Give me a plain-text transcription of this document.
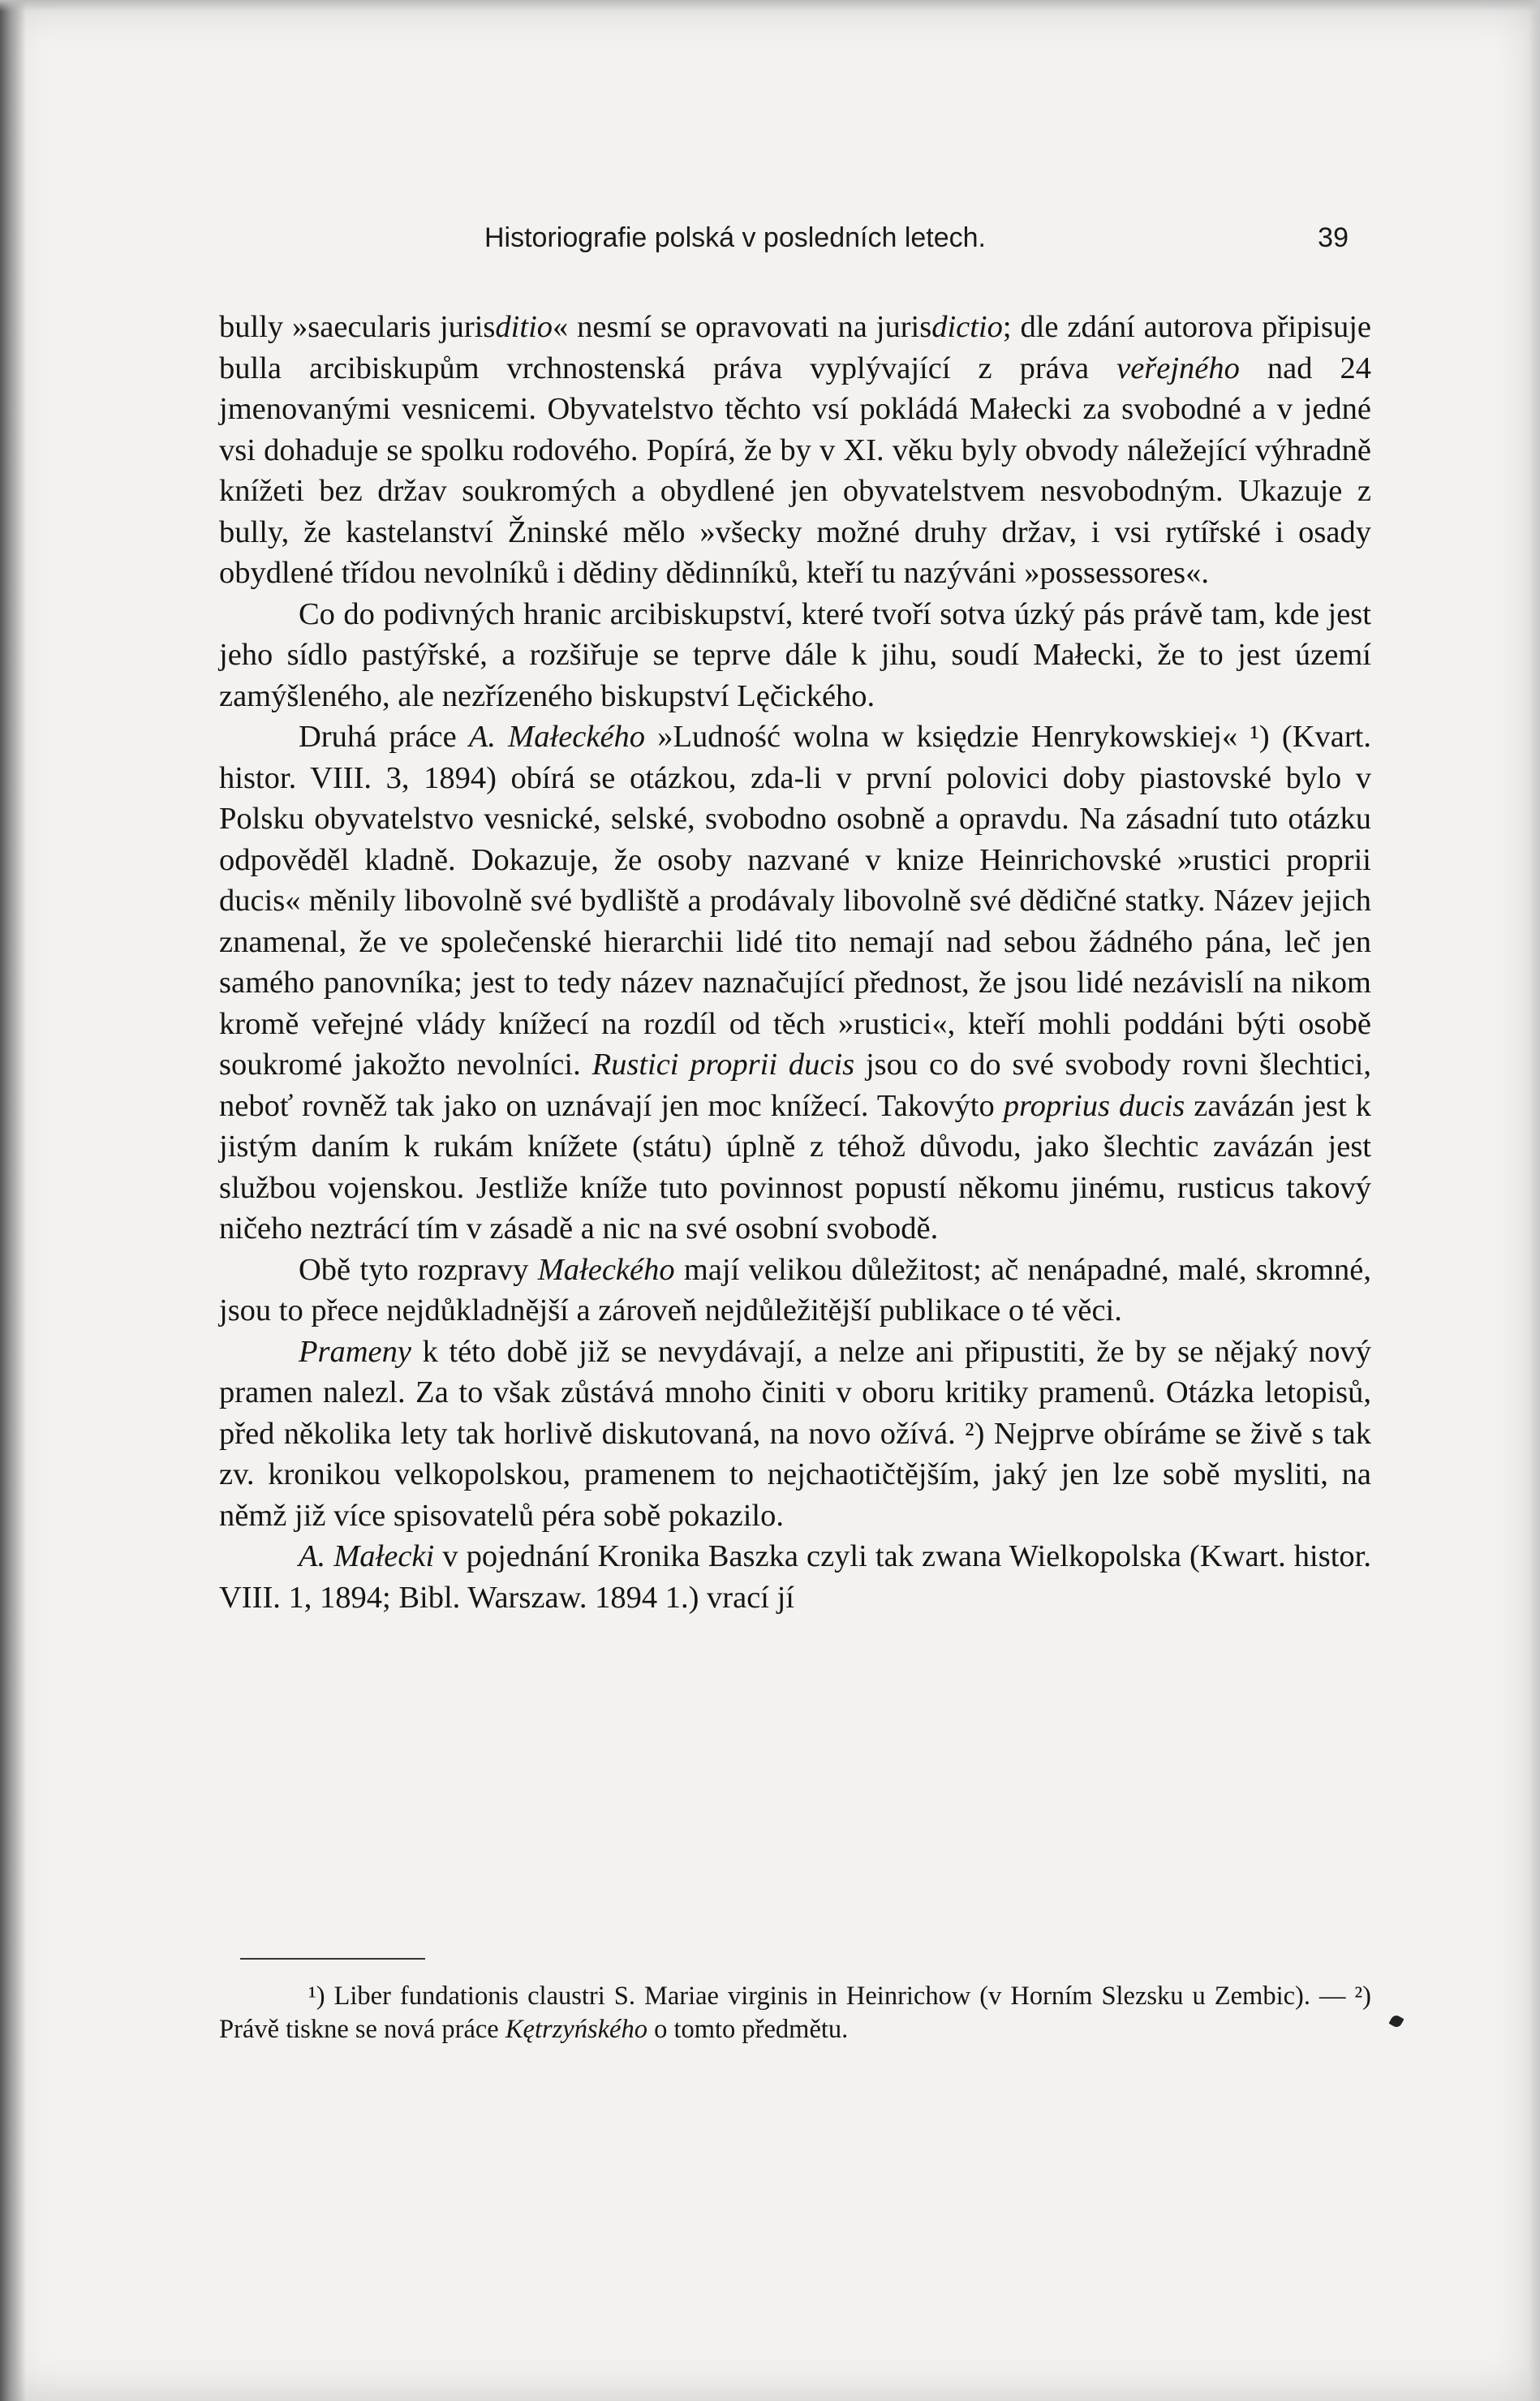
Historiografie polská v posledních letech.	39

bully »saecularis jurisditio« nesmí se opravovati na jurisdictio; dle zdání autorova připisuje bulla arcibiskupům vrchnostenská práva vyplývající z práva veřejného nad 24 jmenovanými vesnicemi. Obyvatelstvo těchto vsí pokládá Małecki za svobodné a v jedné vsi dohaduje se spolku rodového. Popírá, že by v XI. věku byly obvody náležející výhradně knížeti bez držav soukromých a obydlené jen obyvatelstvem nesvobodným. Ukazuje z bully, že kastelanství Žninské mělo »všecky možné druhy držav, i vsi rytířské i osady obydlené třídou nevolníků i dědiny dědinníků, kteří tu nazýváni »possessores«.

Co do podivných hranic arcibiskupství, které tvoří sotva úzký pás právě tam, kde jest jeho sídlo pastýřské, a rozšiřuje se teprve dále k jihu, soudí Małecki, že to jest území zamýšleného, ale nezřízeného biskupství Lęčického.

Druhá práce A. Małeckého »Ludność wolna w księdzie Henrykowskiej« ¹) (Kvart. histor. VIII. 3, 1894) obírá se otázkou, zda-li v první polovici doby piastovské bylo v Polsku obyvatelstvo vesnické, selské, svobodno osobně a opravdu. Na zásadní tuto otázku odpověděl kladně. Dokazuje, že osoby nazvané v knize Heinrichovské »rustici proprii ducis« měnily libovolně své bydliště a prodávaly libovolně své dědičné statky. Název jejich znamenal, že ve společenské hierarchii lidé tito nemají nad sebou žádného pána, leč jen samého panovníka; jest to tedy název naznačující přednost, že jsou lidé nezávislí na nikom kromě veřejné vlády knížecí na rozdíl od těch »rustici«, kteří mohli poddáni býti osobě soukromé jakožto nevolníci. Rustici proprii ducis jsou co do své svobody rovni šlechtici, neboť rovněž tak jako on uznávají jen moc knížecí. Takovýto proprius ducis zavázán jest k jistým daním k rukám knížete (státu) úplně z téhož důvodu, jako šlechtic zavázán jest službou vojenskou. Jestliže kníže tuto povinnost popustí někomu jinému, rusticus takový ničeho neztrácí tím v zásadě a nic na své osobní svobodě.

Obě tyto rozpravy Małeckého mají velikou důležitost; ač nenápadné, malé, skromné, jsou to přece nejdůkladnější a zároveň nejdůležitější publikace o té věci.

Prameny k této době již se nevydávají, a nelze ani připustiti, že by se nějaký nový pramen nalezl. Za to však zůstává mnoho činiti v oboru kritiky pramenů. Otázka letopisů, před několika lety tak horlivě diskutovaná, na novo ožívá. ²) Nejprve obíráme se živě s tak zv. kronikou velkopolskou, pramenem to nejchaotičtějším, jaký jen lze sobě mysliti, na němž již více spisovatelů péra sobě pokazilo.

A. Małecki v pojednání Kronika Baszka czyli tak zwana Wielkopolska (Kwart. histor. VIII. 1, 1894; Bibl. Warszaw. 1894 1.) vrací jí

¹) Liber fundationis claustri S. Mariae virginis in Heinrichow (v Horním Slezsku u Zembic). — ²) Právě tiskne se nová práce Kętrzyńského o tomto předmětu.
